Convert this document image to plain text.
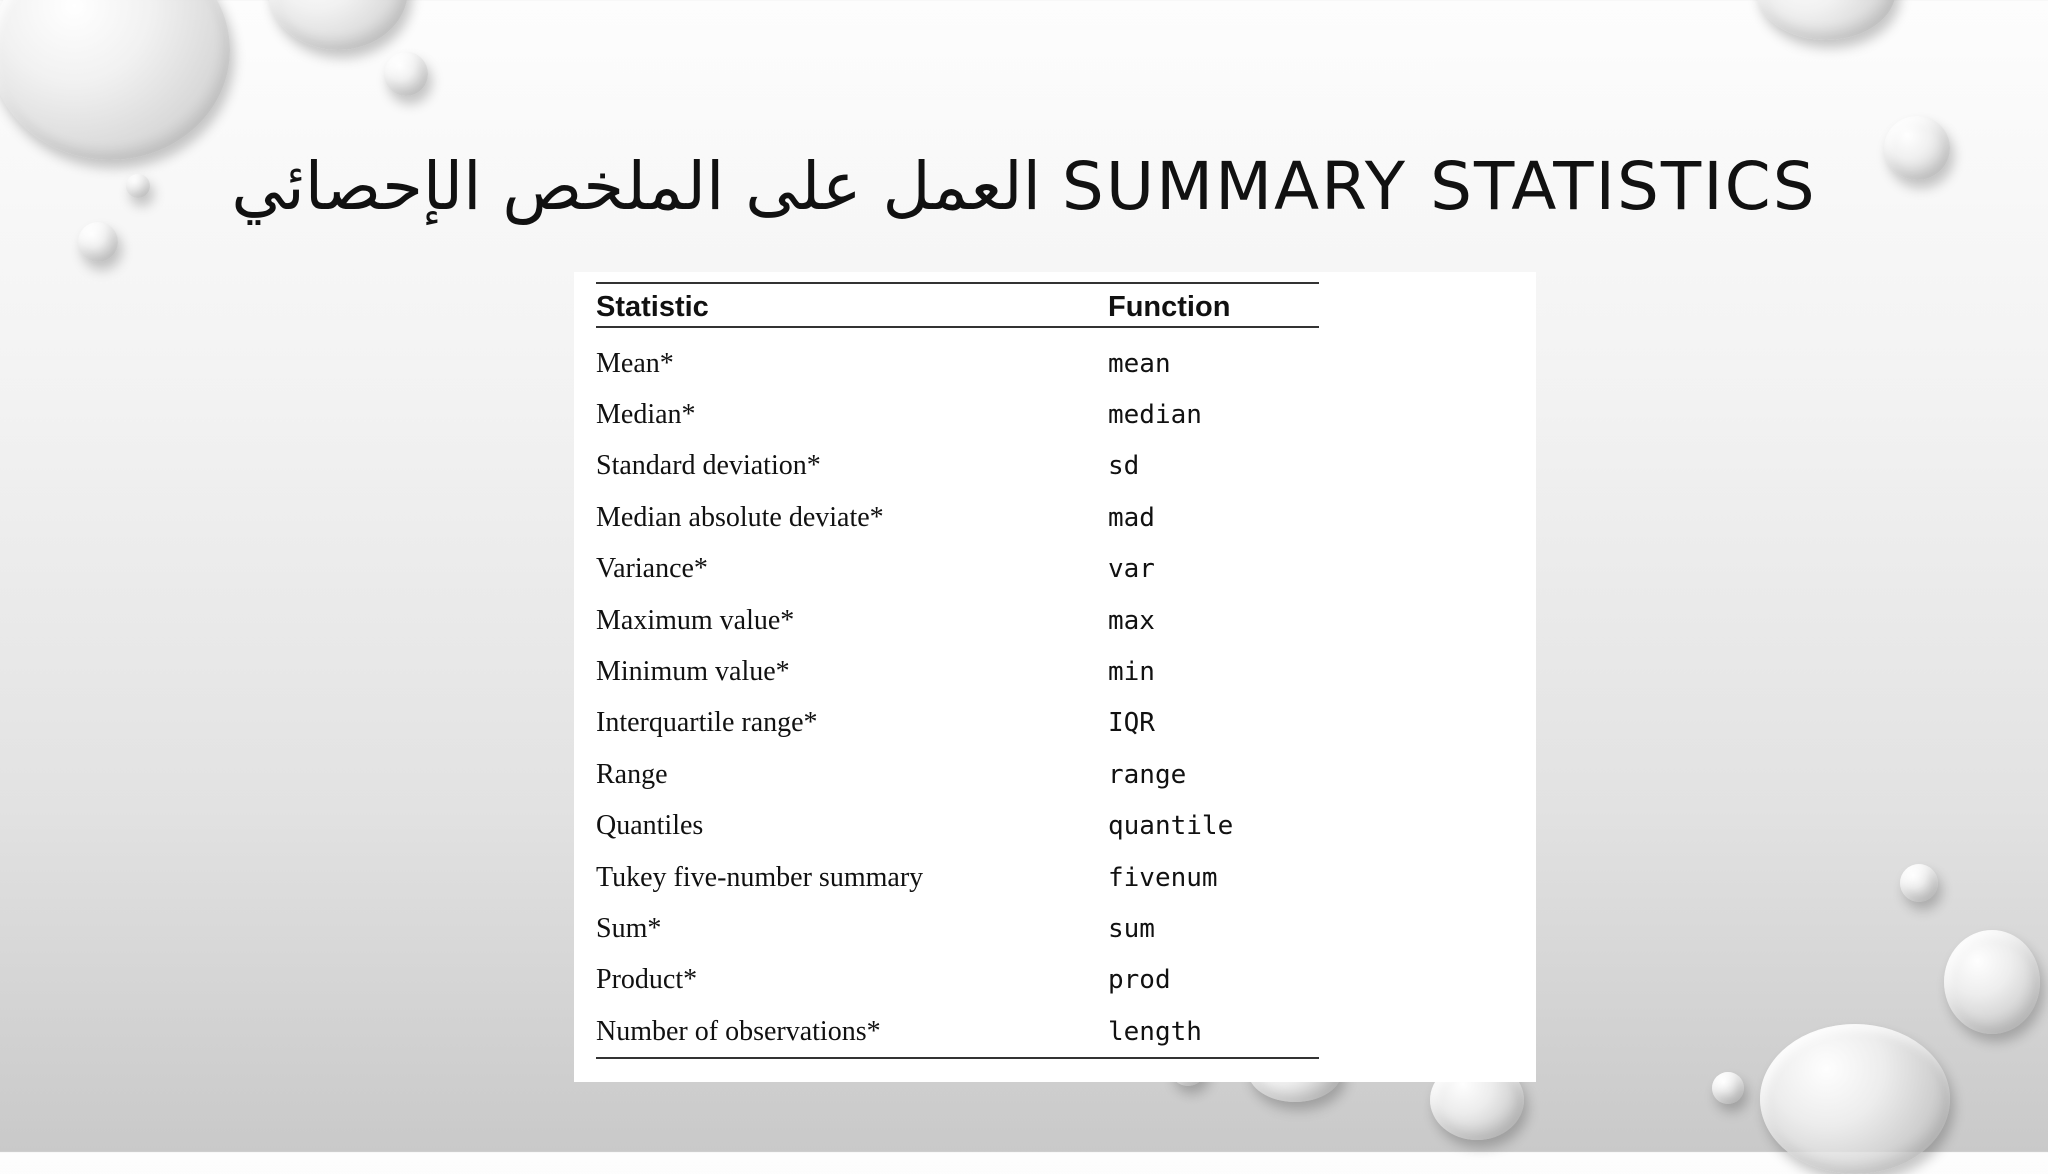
العمل على الملخص الإحصائي SUMMARY STATISTICS
Statistic	Function
Mean*	mean
Median*	median
Standard deviation*	sd
Median absolute deviate*	mad
Variance*	var
Maximum value*	max
Minimum value*	min
Interquartile range*	IQR
Range	range
Quantiles	quantile
Tukey five-number summary	fivenum
Sum*	sum
Product*	prod
Number of observations*	length
